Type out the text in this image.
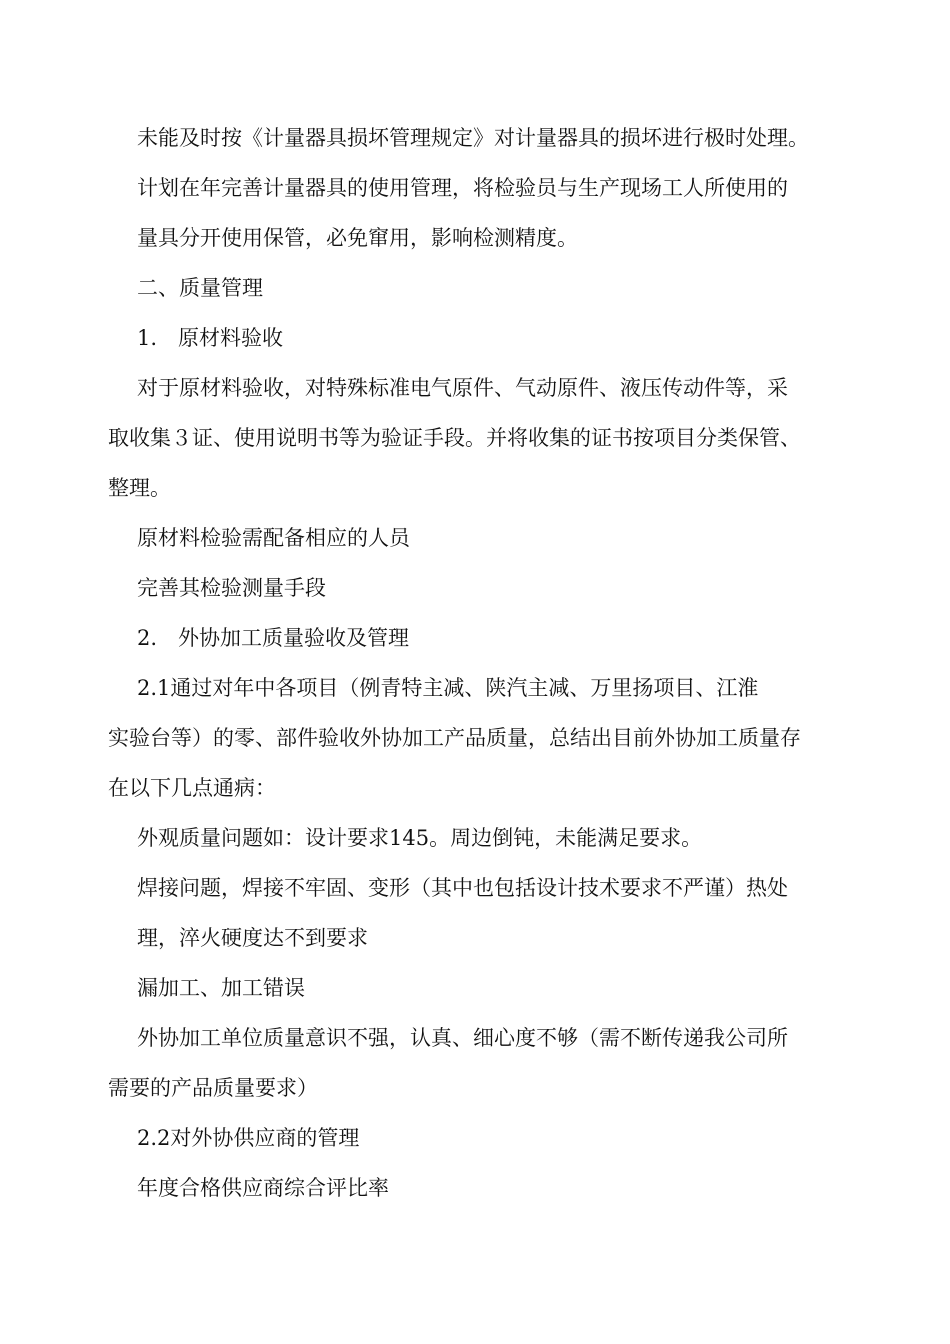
未能及时按《计量器具损坏管理规定》对计量器具的损坏进行极时处理。
计划在年完善计量器具的使用管理，将检验员与生产现场工人所使用的
量具分开使用保管，必免窜用，影响检测精度。
二、质量管理
1.　原材料验收
对于原材料验收，对特殊标准电气原件、气动原件、液压传动件等，采
取收集３证、使用说明书等为验证手段。并将收集的证书按项目分类保管、
整理。
原材料检验需配备相应的人员
完善其检验测量手段
2.　外协加工质量验收及管理
2.1通过对年中各项目（例青特主减、陕汽主减、万里扬项目、江淮
实验台等）的零、部件验收外协加工产品质量，总结出目前外协加工质量存
在以下几点通病：
外观质量问题如：设计要求145。周边倒钝，未能满足要求。
焊接问题，焊接不牢固、变形（其中也包括设计技术要求不严谨）热处
理，淬火硬度达不到要求
漏加工、加工错误
外协加工单位质量意识不强，认真、细心度不够（需不断传递我公司所
需要的产品质量要求）
2.2对外协供应商的管理
年度合格供应商综合评比率
